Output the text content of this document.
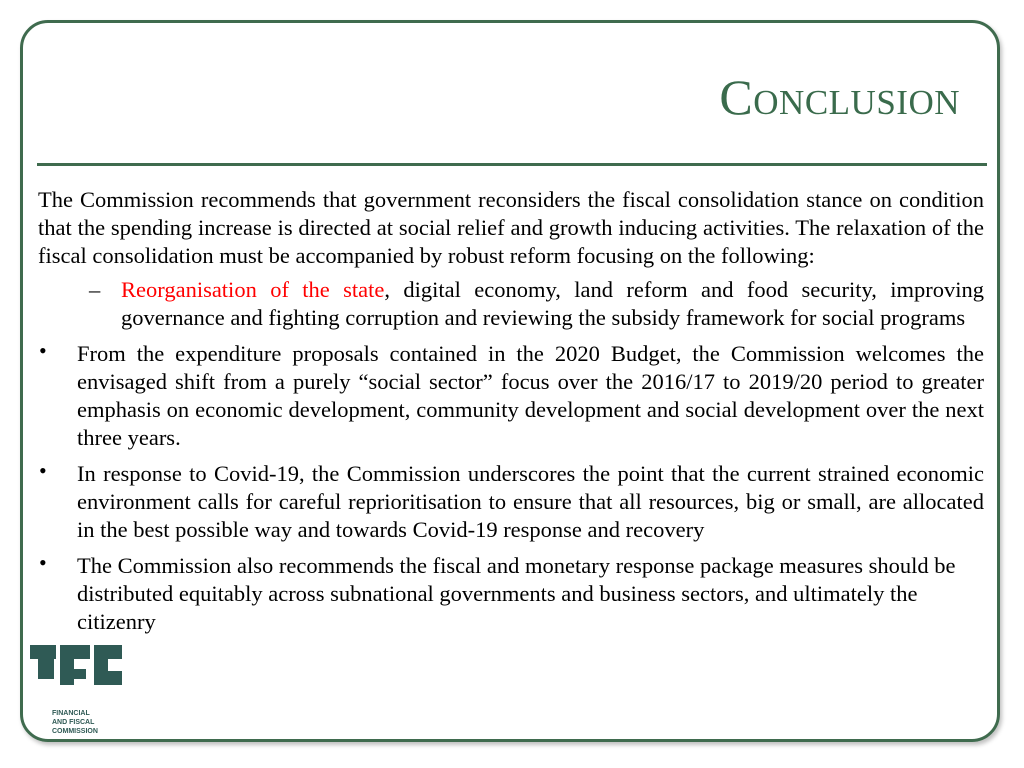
Conclusion

The Commission recommends that government reconsiders the fiscal consolidation stance on condition that the spending increase is directed at social relief and growth inducing activities. The relaxation of the fiscal consolidation must be accompanied by robust reform focusing on the following:

– Reorganisation of the state, digital economy, land reform and food security, improving governance and fighting corruption and reviewing the subsidy framework for social programs
• From the expenditure proposals contained in the 2020 Budget, the Commission welcomes the envisaged shift from a purely “social sector” focus over the 2016/17 to 2019/20 period to greater emphasis on economic development, community development and social development over the next three years.
• In response to Covid-19, the Commission underscores the point that the current strained economic environment calls for careful reprioritisation to ensure that all resources, big or small, are allocated in the best possible way and towards Covid-19 response and recovery
• The Commission also recommends the fiscal and monetary response package measures should be distributed equitably across subnational governments and business sectors, and ultimately the citizenry
FINANCIAL
AND FISCAL
COMMISSION
